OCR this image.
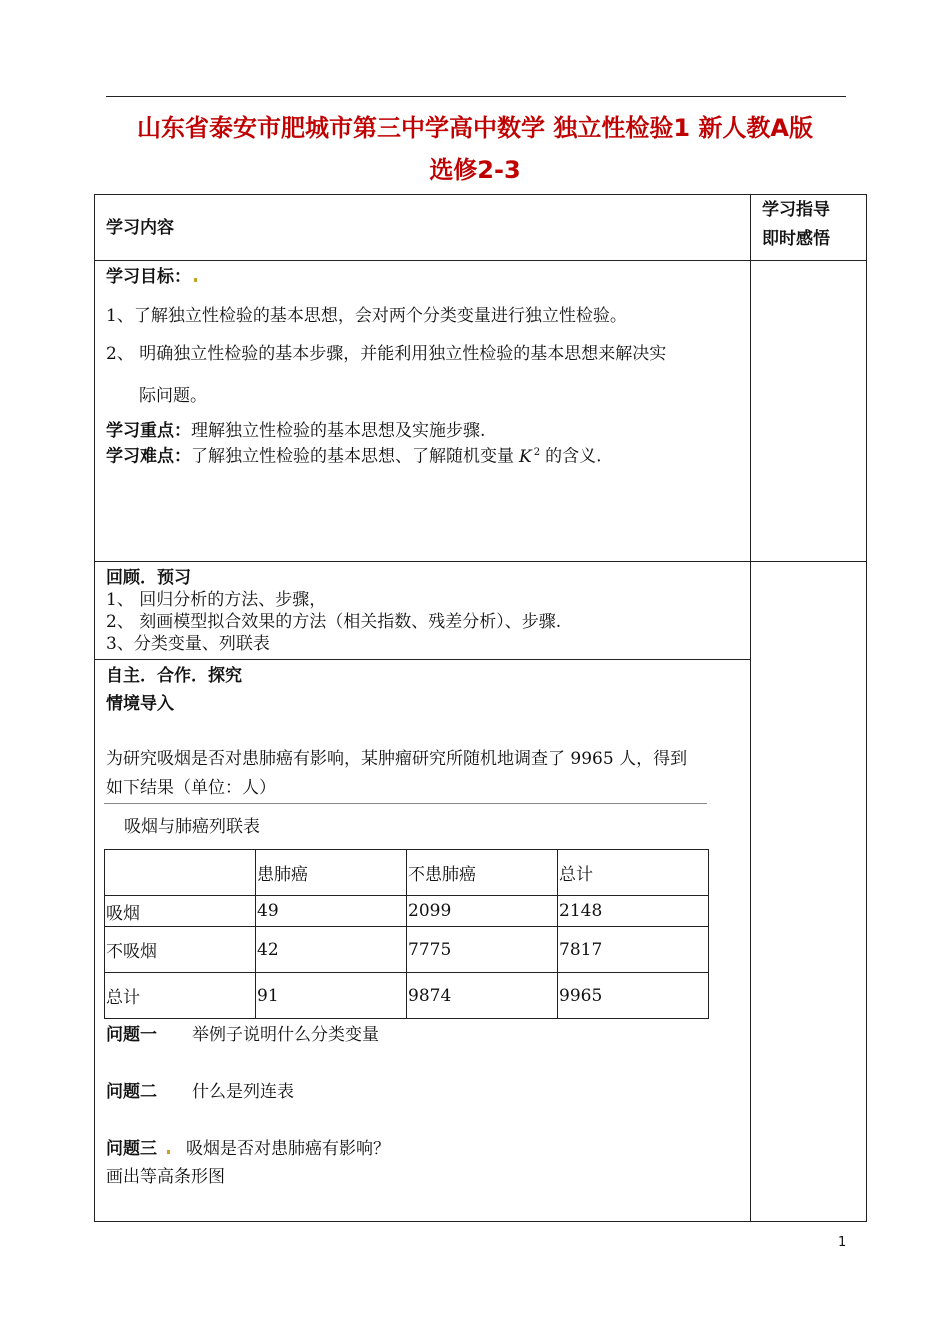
山东省泰安市肥城市第三中学高中数学 独立性检验1 新人教A版
选修2-3
学习内容
学习指导
即时感悟
学习目标：
1、了解独立性检验的基本思想，会对两个分类变量进行独立性检验。
2、 明确独立性检验的基本步骤，并能利用独立性检验的基本思想来解决实
际问题。
学习重点：理解独立性检验的基本思想及实施步骤.
学习难点：了解独立性检验的基本思想、了解随机变量 K $^2$ 的含义.
回顾．预习
1、 回归分析的方法、步骤，
2、 刻画模型拟合效果的方法（相关指数、残差分析）、步骤.
3、分类变量、列联表
自主．合作．探究
情境导入
为研究吸烟是否对患肺癌有影响，某肿瘤研究所随机地调查了 9965 人，得到
如下结果（单位：人）
吸烟与肺癌列联表

	患肺癌	不患肺癌	总计

吸烟	49	2099	2148

不吸烟	42	7775	7817

总计	91	9874	9965
问题一 举例子说明什么分类变量
问题二 什么是列连表
问题三 吸烟是否对患肺癌有影响？
画出等高条形图
1
